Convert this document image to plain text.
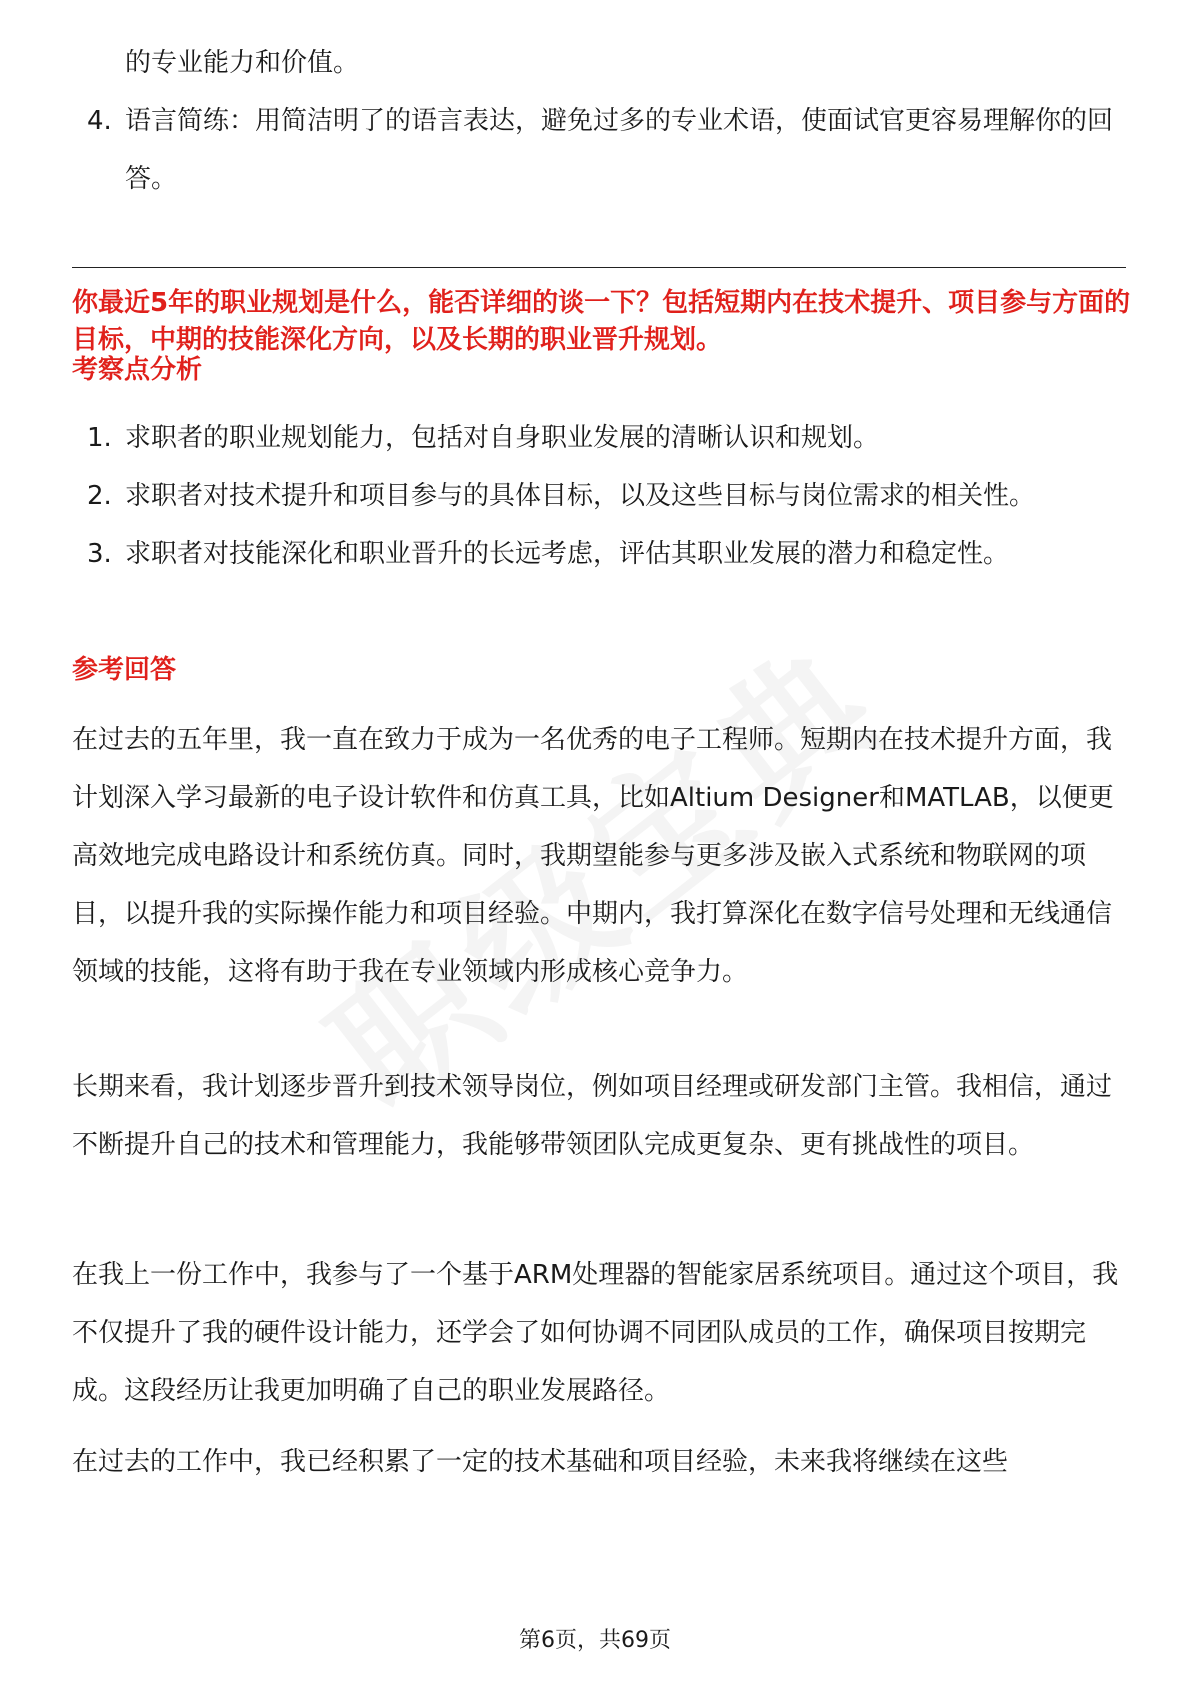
的专业能力和价值。
4. 语言简练：用简洁明了的语言表达，避免过多的专业术语，使面试官更容易理解你的回答。
你最近5年的职业规划是什么，能否详细的谈一下？包括短期内在技术提升、项目参与方面的目标，中期的技能深化方向，以及长期的职业晋升规划。
考察点分析
1. 求职者的职业规划能力，包括对自身职业发展的清晰认识和规划。
2. 求职者对技术提升和项目参与的具体目标，以及这些目标与岗位需求的相关性。
3. 求职者对技能深化和职业晋升的长远考虑，评估其职业发展的潜力和稳定性。
参考回答

在过去的五年里，我一直在致力于成为一名优秀的电子工程师。短期内在技术提升方面，我计划深入学习最新的电子设计软件和仿真工具，比如Altium Designer和MATLAB，以便更高效地完成电路设计和系统仿真。同时，我期望能参与更多涉及嵌入式系统和物联网的项目，以提升我的实际操作能力和项目经验。中期内，我打算深化在数字信号处理和无线通信领域的技能，这将有助于我在专业领域内形成核心竞争力。

长期来看，我计划逐步晋升到技术领导岗位，例如项目经理或研发部门主管。我相信，通过不断提升自己的技术和管理能力，我能够带领团队完成更复杂、更有挑战性的项目。

在我上一份工作中，我参与了一个基于ARM处理器的智能家居系统项目。通过这个项目，我不仅提升了我的硬件设计能力，还学会了如何协调不同团队成员的工作，确保项目按期完成。这段经历让我更加明确了自己的职业发展路径。

在过去的工作中，我已经积累了一定的技术基础和项目经验，未来我将继续在这些

第6页，共69页
